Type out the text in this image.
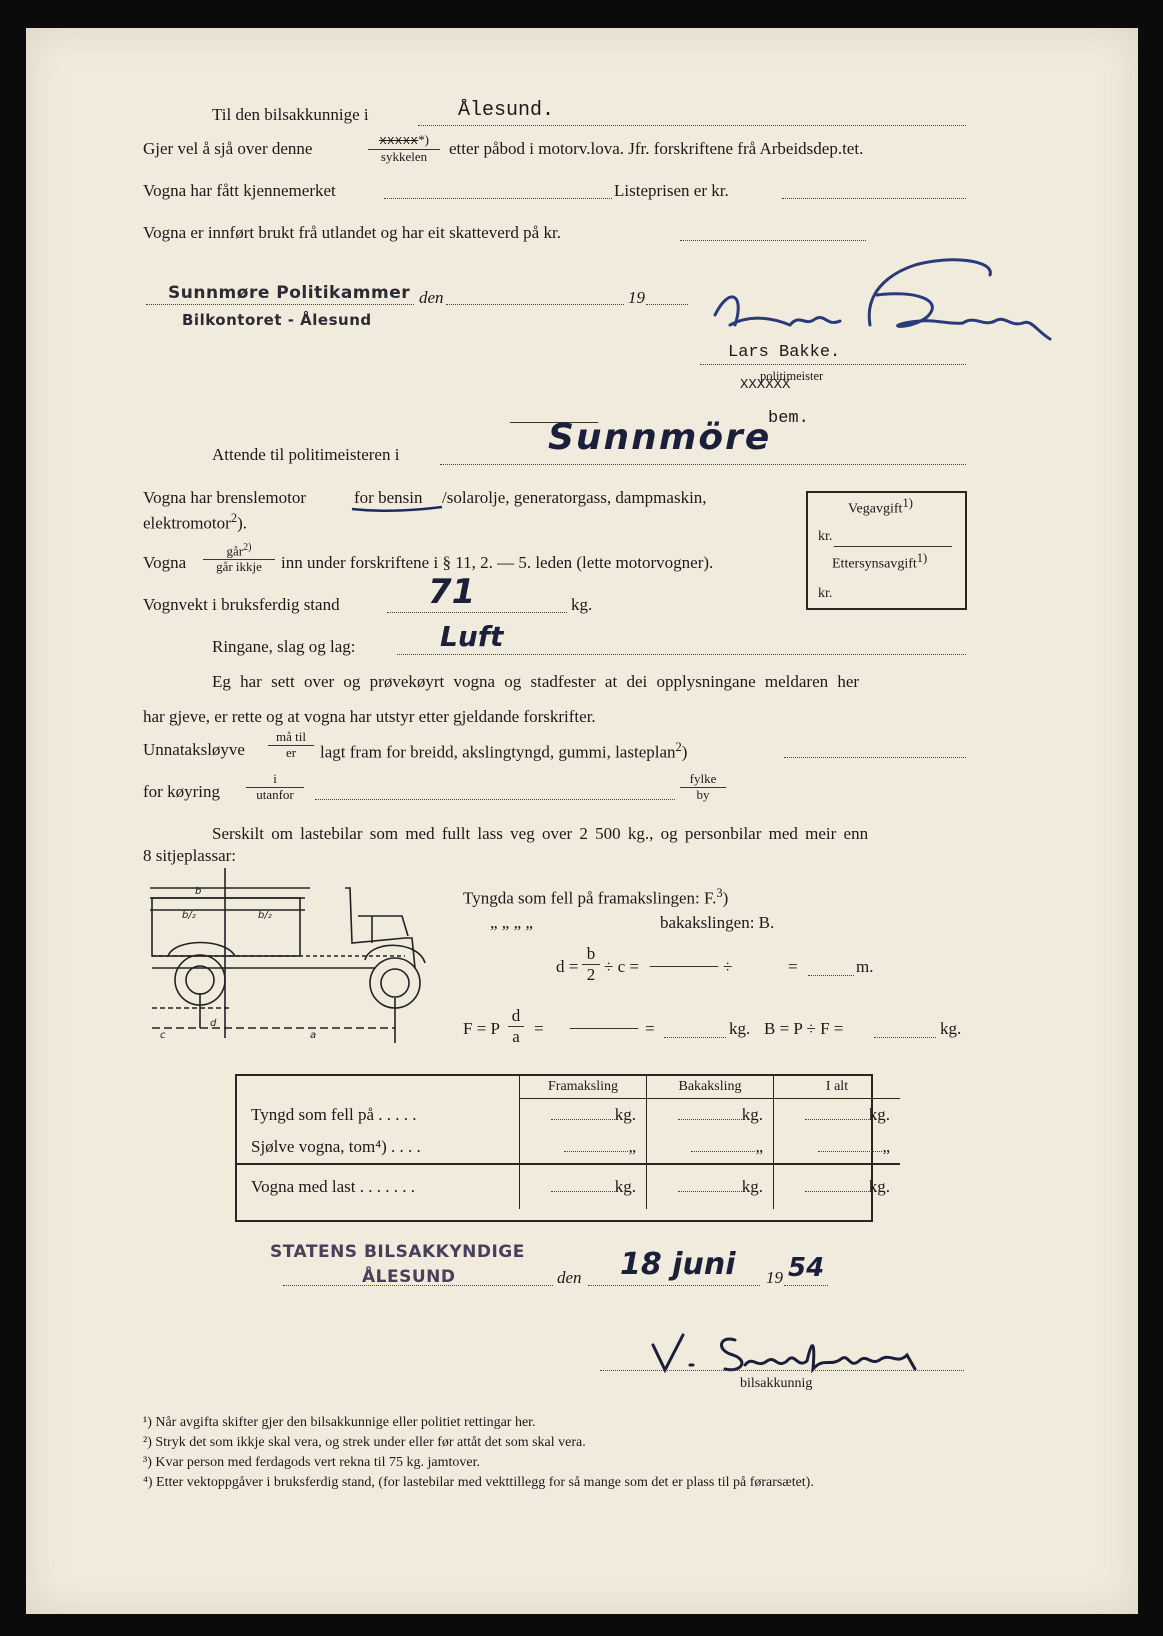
Til den bilsakkunnige i	Ålesund.
Gjer vel å sjå over denne	xxxxx*)
sykkelen	etter påbod i motorv.lova. Jfr. forskriftene frå Arbeidsdep.tet.
Vogna har fått kjennemerket	Listeprisen er kr.
Vogna er innført brukt frå utlandet og har eit skatteverd på kr.
Sunnmøre Politikammer
Bilkontoret - Ålesund
den	19
Lars Bakke.
politimeister
XXXXXX
bem.
Attende til politimeisteren i	Sunnmöre
Vogna har brenslemotor	for bensin /solarolje, generatorgass, dampmaskin,
elektromotor$^2$).
Vegavgift$^{1)}$
kr.
Ettersynsavgift$^{1)}$
kr.
Vogna
går$^{2)}$
går ikkje	inn under forskriftene i § 11, 2. — 5. leden (lette motorvogner).
Vognvekt i bruksferdig stand	71	kg.
Ringane, slag og lag:	Luft
Eg har sett over og prøvekøyrt vogna og stadfester at dei opplysningane meldaren her
har gjeve, er rette og at vogna har utstyr etter gjeldande forskrifter.
Unnataksløyve
må til
er	lagt fram for breidd, akslingtyngd, gummi, lasteplan$^2$)
for køyring
i
utanfor
fylke
by
Serskilt om lastebilar som med fullt lass veg over 2 500 kg., og personbilar med meir enn
8 sitjeplassar:
b
b/₂	b/₂
d
c	a
Tyngda som fell på framakslingen: F.$^3$)
„ „ „ „	bakakslingen: B.
$d = \frac{b}{2} \div c$ =	÷	=	m.
F = P $\frac{d}{a}$ =	=	kg. B = P ÷ F =	kg.
	Framaksling	Bakaksling	I alt
Tyngd som fell på . . . . .	kg.	kg.	kg.
Sjølve vogna, tom⁴) . . . .	„	„	„
Vogna med last . . . . . . .	kg.	kg.	kg.
STATENS BILSAKKYNDIGE
ÅLESUND	den 18 juni 19 54
bilsakkunnig
¹) Når avgifta skifter gjer den bilsakkunnige eller politiet rettingar her.
²) Stryk det som ikkje skal vera, og strek under eller før attåt det som skal vera.
³) Kvar person med ferdagods vert rekna til 75 kg. jamtover.
⁴) Etter vektoppgåver i bruksferdig stand, (for lastebilar med vekttillegg for så mange som det er plass til på førarsætet).
